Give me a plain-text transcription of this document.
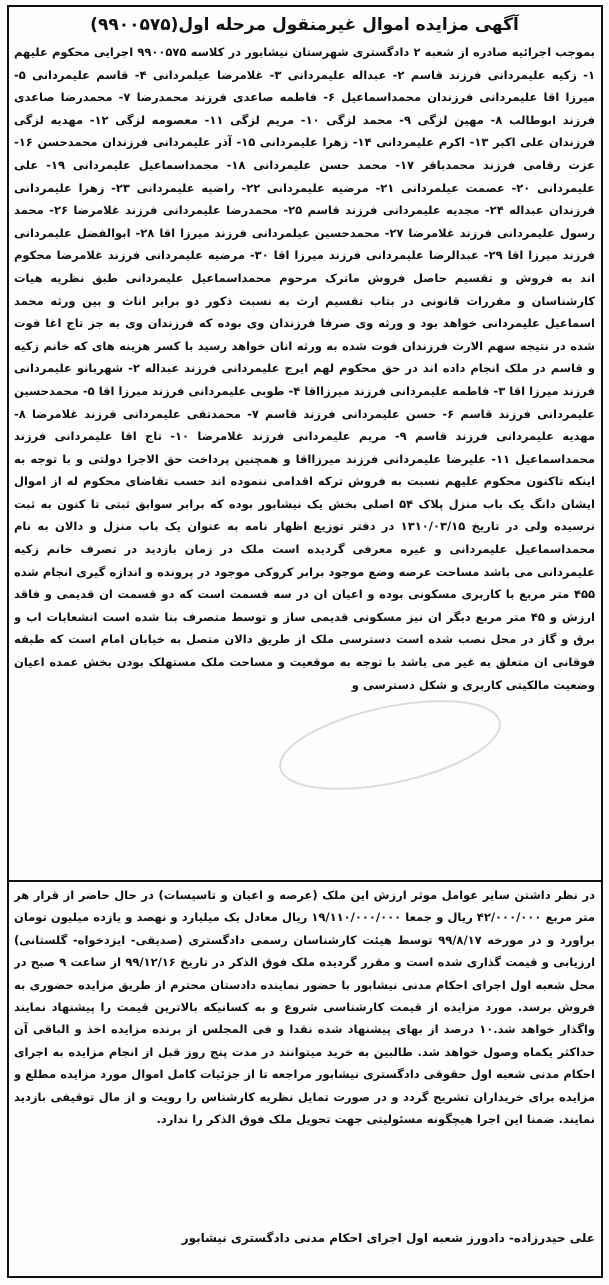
آگهی مزایده اموال غیرمنقول مرحله اول(۹۹۰۰۵۷۵)
بموجب اجرائیه صادره از شعبه ۲ دادگستری شهرستان نیشابور در کلاسه ۹۹۰۰۵۷۵ اجرایی محکوم علیهم ۱- زکیه علیمردانی فرزند قاسم ۲- عبداله علیمردانی ۳- غلامرضا عیلمردانی ۴- قاسم علیمردانی ۵- میرزا اقا علیمردانی فرزندان محمداسماعیل ۶- فاطمه صاعدی فرزند محمدرضا ۷- محمدرضا صاعدی فرزند ابوطالب ۸- مهین لزگی ۹- محمد لزگی ۱۰- مریم لزگی ۱۱- معصومه لزگی ۱۲- مهدیه لزگی فرزندان علی اکبر ۱۳- اکرم علیمردانی ۱۴- زهرا علیمردانی ۱۵- آذر علیمردانی فرزندان محمدحسن ۱۶- عزت رقامی فرزند محمدباقر ۱۷- محمد حسن علیمردانی ۱۸- محمداسماعیل علیمردانی ۱۹- علی علیمردانی ۲۰- عصمت عیلمردانی ۲۱- مرضیه علیمردانی ۲۲- راضیه علیمردانی ۲۳- زهرا علیمردانی فرزندان عبداله ۲۴- مجدیه علیمردانی فرزند قاسم ۲۵- محمدرضا علیمردانی فرزند غلامرضا ۲۶- محمد رسول علیمردانی فرزند غلامرضا ۲۷- محمدحسین عیلمردانی فرزند میرزا اقا ۲۸- ابوالفضل علیمردانی فرزند میرزا اقا ۲۹- عبدالرضا علیمردانی فرزند میرزا اقا ۳۰- مرضیه علیمردانی فرزند غلامرضا محکوم اند به فروش و تقسیم حاصل فروش ماترک مرحوم محمداسماعیل علیمردانی طبق نظریه هیات کارشناسان و مقررات قانونی در بتاب تقسیم ارث به نسبت ذکور دو برابر اناث و بین ورثه محمد اسماعیل علیمردانی خواهد بود و ورثه وی صرفا فرزندان وی بوده که فرزندان وی به جز تاج اغا فوت شده در نتیجه سهم الارث فرزندان فوت شده به ورثه انان خواهد رسید با کسر هزینه های که خانم زکیه و قاسم در ملک انجام داده اند در حق محکوم لهم ایرج علیمردانی فرزند عبداله ۲- شهربانو علیمردانی فرزند میرزا اقا ۳- فاطمه علیمردانی فرزند میرزااقا ۴- طوبی علیمردانی فرزند میرزا اقا ۵- محمدحسین علیمردانی فرزند قاسم ۶- حسن علیمردانی فرزند قاسم ۷- محمدتقی علیمردانی فرزند غلامرضا ۸- مهدیه علیمردانی فرزند قاسم ۹- مریم علیمردانی فرزند غلامرضا ۱۰- تاج اقا علیمردانی فرزند محمداسماعیل ۱۱- علیرضا علیمردانی فرزند میرزااقا و همچنین پرداخت حق الاجرا دولتی و با توجه به اینکه تاکنون محکوم علیهم نسبت به فروش ترکه اقدامی ننموده اند حسب تقاضای محکوم له از اموال ایشان دانگ یک باب منزل پلاک ۵۴ اصلی بخش یک نیشابور بوده که برابر سوابق ثبتی تا کنون به ثبت نرسیده ولی در تاریخ ۱۳۱۰/۰۳/۱۵ در دفتر توزیع اظهار نامه به عنوان یک باب منزل و دالان به نام محمداسماعیل علیمردانی و غیره معرفی گردیده است ملک در زمان بازدید در تصرف خانم زکیه علیمردانی می باشد مساحت عرصه وضع موجود برابر کروکی موجود در پرونده و اندازه گیری انجام شده ۴۵۵ متر مربع با کاربری مسکونی بوده و اعیان ان در سه قسمت است که دو قسمت ان قدیمی و فاقد ارزش و ۴۵ متر مربع دیگر ان نیز مسکونی قدیمی ساز و توسط متصرف بنا شده است انشعابات اب و برق و گاز در محل نصب شده است دسترسی ملک از طریق دالان متصل به خیابان امام است که طبقه فوقانی ان متعلق به غیر می باشد با توجه به موقعیت و مساحت ملک مستهلک بودن بخش عمده اعیان وضعیت مالکیتی کاربری و شکل دسترسی و
در نظر داشتن سایر عوامل موثر ارزش این ملک (عرصه و اعیان و تاسیسات) در حال حاضر از قرار هر متر مربع ۴۲/۰۰۰/۰۰۰ ریال و جمعا ۱۹/۱۱۰/۰۰۰/۰۰۰ ریال معادل یک میلیارد و نهصد و یازده میلیون تومان براورد و در مورخه ۹۹/۸/۱۷ توسط هیئت کارشناسان رسمی دادگستری (صدیقی- ایزدخواه- گلستانی) ارزیابی و قیمت گذاری شده است و مقرر گردیده ملک فوق الذکر در تاریخ ۹۹/۱۲/۱۶ از ساعت ۹ صبح در محل شعبه اول اجرای احکام مدنی نیشابور با حضور نماینده دادستان محترم از طریق مزایده حضوری به فروش برسد. مورد مزایده از قیمت کارشناسی شروع و به کسانیکه بالاترین قیمت را پیشنهاد نمایند واگذار خواهد شد.۱۰ درصد از بهای پیشنهاد شده نقدا و فی المجلس از برنده مزایده اخذ و الباقی آن حداکثر یکماه وصول خواهد شد. طالبین به خرید میتوانند در مدت پنج روز قبل از انجام مزایده به اجرای احکام مدنی شعبه اول حقوقی دادگستری نیشابور مراجعه تا از جزئیات کامل اموال مورد مزایده مطلع و مزایده برای خریداران تشریح گردد و در صورت تمایل نظریه کارشناس را رویت و از مال توقیفی بازدید نمایند. ضمنا این اجرا هیچگونه مسئولیتی جهت تحویل ملک فوق الذکر را ندارد.
علی حیدرزاده- دادورز شعبه اول اجرای احکام مدنی دادگستری نیشابور
